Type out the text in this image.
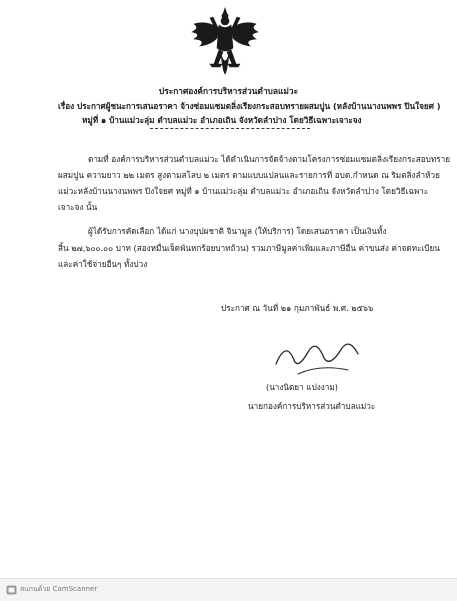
ประกาศองค์การบริหารส่วนตำบลแม่วะ
เรื่อง ประกาศผู้ชนะการเสนอราคา จ้างซ่อมแซมตลิ่งเรียงกระสอบทรายผสมปูน (หลังบ้านนางนพพร ปินใจยศ )
หมู่ที่ ๑ บ้านแม่วะลุ่ม ตำบลแม่วะ อำเภอเถิน จังหวัดลำปาง โดยวิธีเฉพาะเจาะจง
ตามที่ องค์การบริหารส่วนตำบลแม่วะ ได้ดำเนินการจัดจ้างตามโครงการซ่อมแซมตลิ่งเรียงกระสอบทราย
ผสมปูน ความยาว ๒๒ เมตร สูงตามสโลบ ๒ เมตร ตามแบบแปลนและรายการที่ อบต.กำหนด ณ ริมตลิ่งลำห้วย
แม่วะหลังบ้านนางนพพร ปิงใจยศ หมู่ที่ ๑ บ้านแม่วะลุ่ม ตำบลแม่วะ อำเภอเถิน จังหวัดลำปาง โดยวิธีเฉพาะ
เจาะจง นั้น
ผู้ได้รับการคัดเลือก ได้แก่ นางบุปผชาติ จินามูล (ให้บริการ) โดยเสนอราคา เป็นเงินทั้ง
สิ้น ๒๗,๖๐๐.๐๐ บาท (สองหมื่นเจ็ดพันหกร้อยบาทถ้วน) รวมภาษีมูลค่าเพิ่มและภาษีอื่น ค่าขนส่ง ค่าจดทะเบียน
และค่าใช้จ่ายอื่นๆ ทั้งปวง
ประกาศ ณ วันที่ ๒๑ กุมภาพันธ์ พ.ศ. ๒๕๖๖
(นางนิตยา แปงงาม)
นายกองค์การบริหารส่วนตำบลแม่วะ
สแกนด้วย CamScanner
